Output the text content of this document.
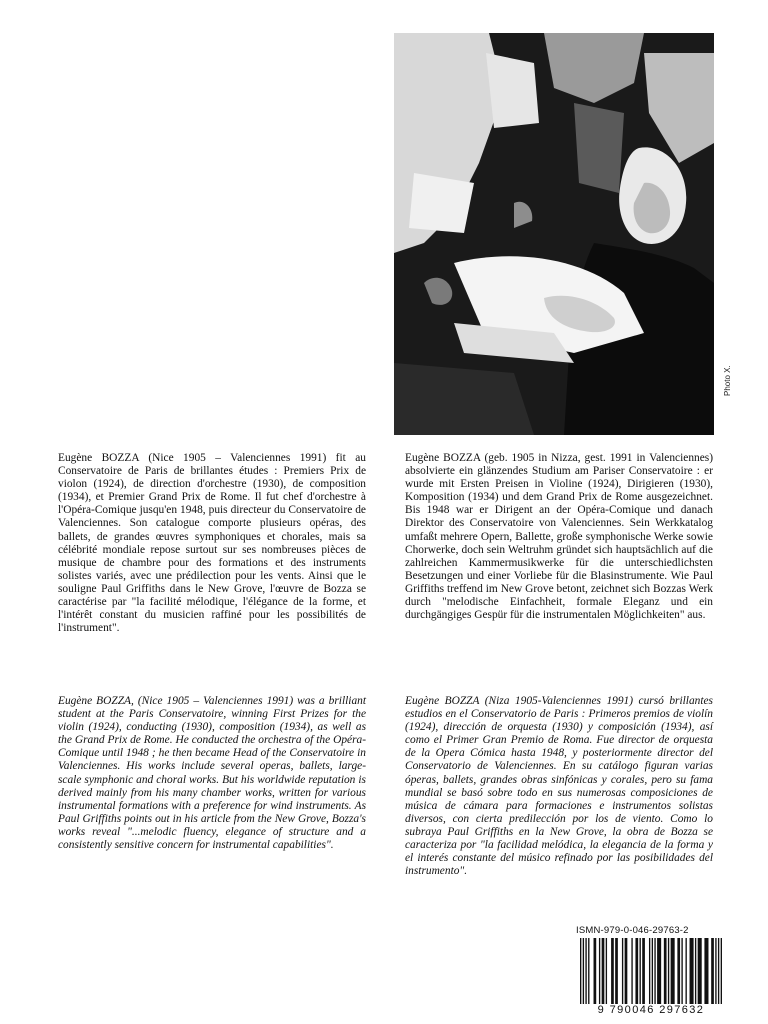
Photo X.

Eugène BOZZA (Nice 1905 – Valenciennes 1991) fit au Conservatoire de Paris de brillantes études : Premiers Prix de violon (1924), de direction d'orchestre (1930), de composition (1934), et Premier Grand Prix de Rome. Il fut chef d'orchestre à l'Opéra-Comique jusqu'en 1948, puis directeur du Conservatoire de Valenciennes. Son catalogue comporte plusieurs opéras, des ballets, de grandes œuvres symphoniques et chorales, mais sa célébrité mondiale repose surtout sur ses nombreuses pièces de musique de chambre pour des formations et des instruments solistes variés, avec une prédilection pour les vents. Ainsi que le souligne Paul Griffiths dans le New Grove, l'œuvre de Bozza se caractérise par "la facilité mélodique, l'élégance de la forme, et l'intérêt constant du musicien raffiné pour les possibilités de l'instrument".

Eugène BOZZA (geb. 1905 in Nizza, gest. 1991 in Valenciennes) absolvierte ein glänzendes Studium am Pariser Conservatoire : er wurde mit Ersten Preisen in Violine (1924), Dirigieren (1930), Komposition (1934) und dem Grand Prix de Rome ausgezeichnet. Bis 1948 war er Dirigent an der Opéra-Comique und danach Direktor des Conservatoire von Valenciennes. Sein Werkkatalog umfaßt mehrere Opern, Ballette, große symphonische Werke sowie Chorwerke, doch sein Weltruhm gründet sich hauptsächlich auf die zahlreichen Kammermusikwerke für die unterschiedlichsten Besetzungen und einer Vorliebe für die Blasinstrumente. Wie Paul Griffiths treffend im New Grove betont, zeichnet sich Bozzas Werk durch "melodische Einfachheit, formale Eleganz und ein durchgängiges Gespür für die instrumentalen Möglichkeiten" aus.

Eugène BOZZA, (Nice 1905 – Valenciennes 1991) was a brilliant student at the Paris Conservatoire, winning First Prizes for the violin (1924), conducting (1930), composition (1934), as well as the Grand Prix de Rome. He conducted the orchestra of the Opéra-Comique until 1948 ; he then became Head of the Conservatoire in Valenciennes. His works include several operas, ballets, large-scale symphonic and choral works. But his worldwide reputation is derived mainly from his many chamber works, written for various instrumental formations with a preference for wind instruments. As Paul Griffiths points out in his article from the New Grove, Bozza's works reveal "...melodic fluency, elegance of structure and a consistently sensitive concern for instrumental capabilities".

Eugène BOZZA (Niza 1905-Valenciennes 1991) cursó brillantes estudios en el Conservatorio de Paris : Primeros premios de violín (1924), dirección de orquesta (1930) y composición (1934), así como el Primer Gran Premio de Roma. Fue director de orquesta de la Opera Cómica hasta 1948, y posteriormente director del Conservatorio de Valenciennes. En su catálogo figuran varias óperas, ballets, grandes obras sinfónicas y corales, pero su fama mundial se basó sobre todo en sus numerosas composiciones de música de cámara para formaciones e instrumentos solistas diversos, con cierta predilección por los de viento. Como lo subraya Paul Griffiths en la New Grove, la obra de Bozza se caracteriza por "la facilidad melódica, la elegancia de la forma y el interés constante del músico refinado por las posibilidades del instrumento".

ISMN-979-0-046-29763-2
9 790046 297632
